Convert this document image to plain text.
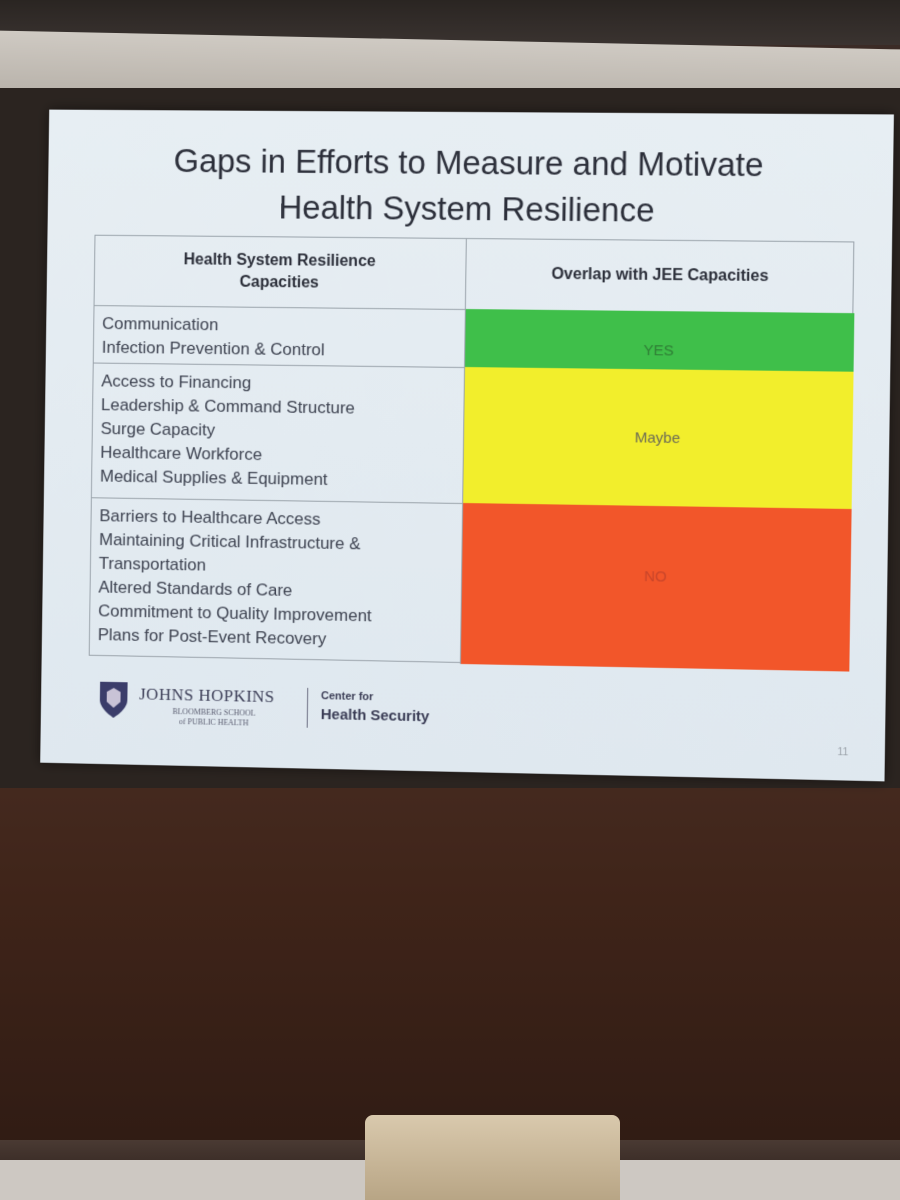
Gaps in Efforts to Measure and Motivate
Health System Resilience
Health System Resilience Capacities	Overlap with JEE Capacities
Communication
Infection Prevention & Control	YES
Access to Financing
Leadership & Command Structure
Surge Capacity
Healthcare Workforce
Medical Supplies & Equipment
Maybe
Barriers to Healthcare Access
Maintaining Critical Infrastructure &
Transportation
Altered Standards of Care
Commitment to Quality Improvement
Plans for Post-Event Recovery
NO
JOHNS HOPKINS
BLOOMBERG SCHOOL
of PUBLIC HEALTH
Center for
Health Security
11
